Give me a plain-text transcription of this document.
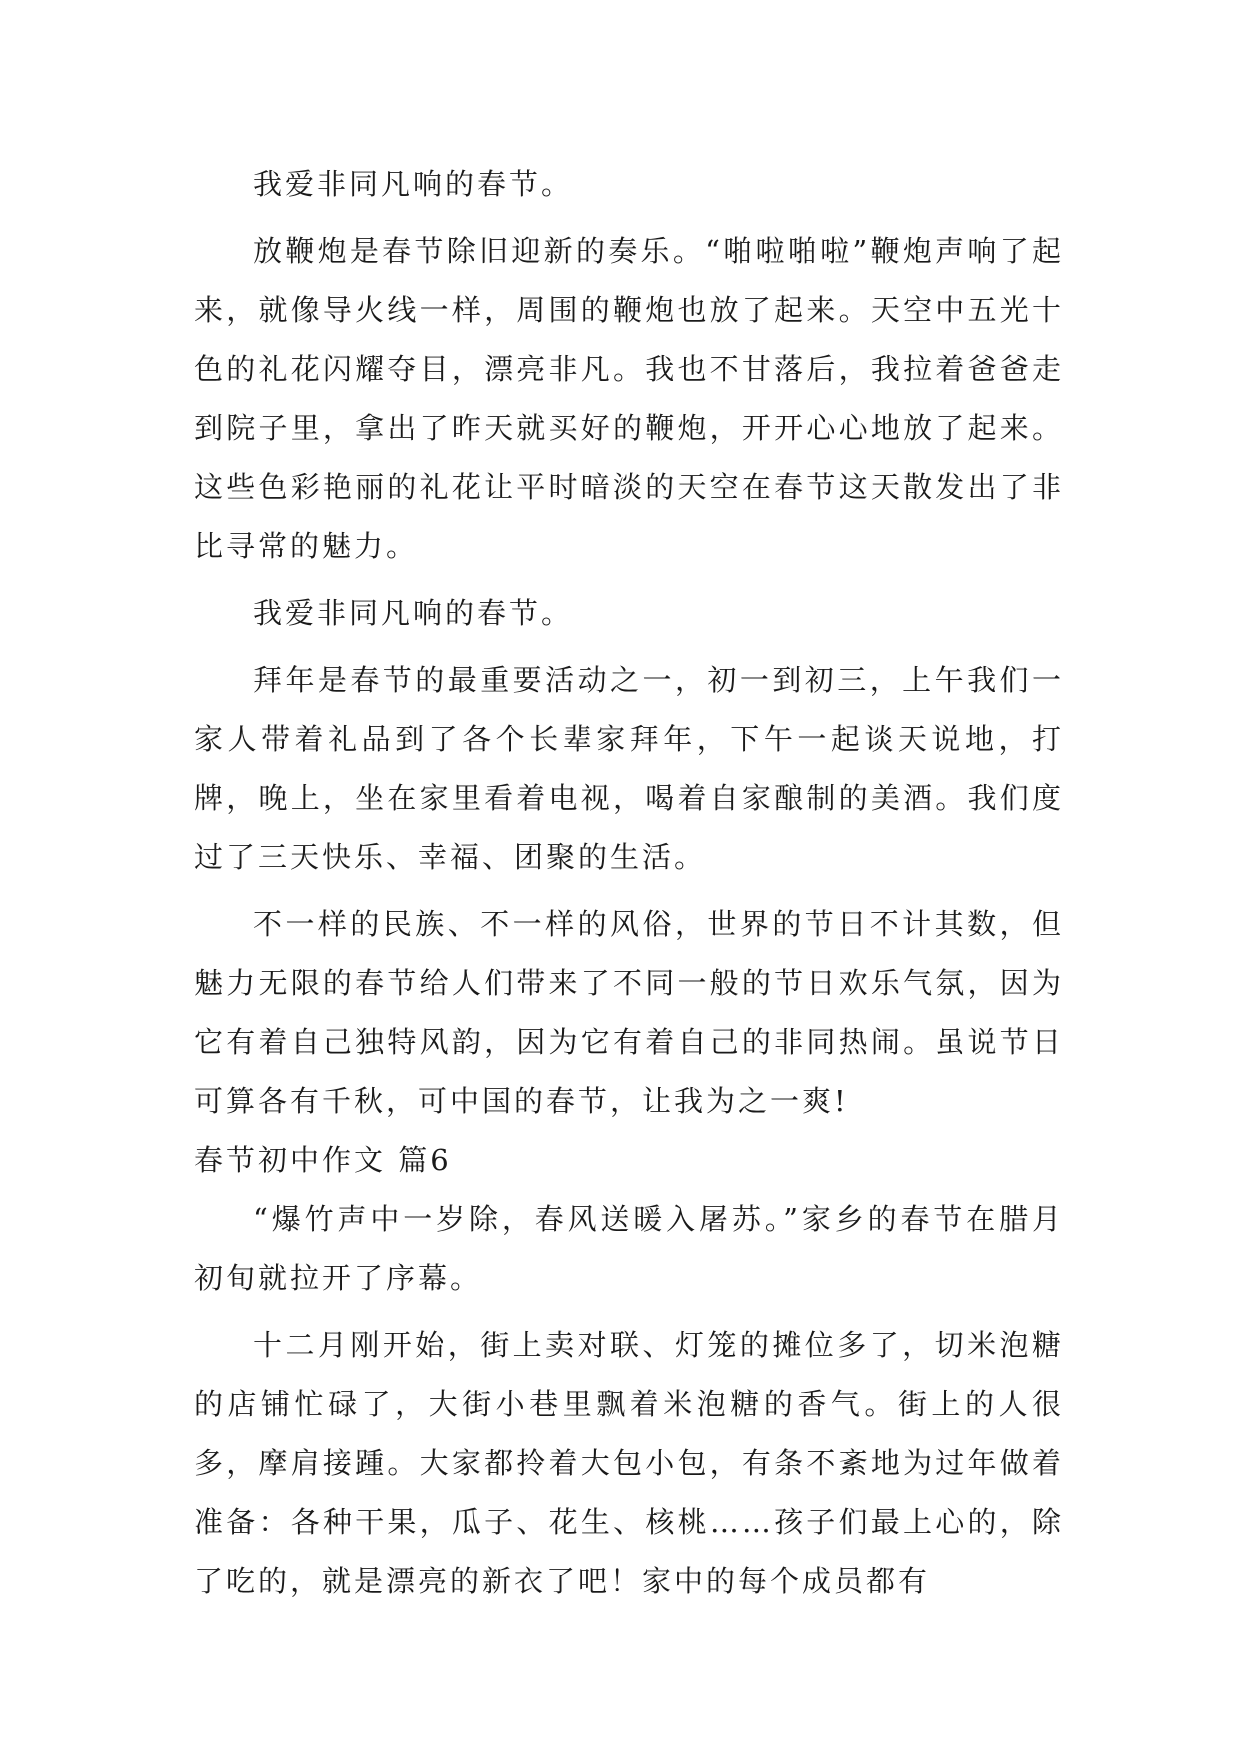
我爱非同凡响的春节。

放鞭炮是春节除旧迎新的奏乐。“啪啦啪啦”鞭炮声响了起来，就像导火线一样，周围的鞭炮也放了起来。天空中五光十色的礼花闪耀夺目，漂亮非凡。我也不甘落后，我拉着爸爸走到院子里，拿出了昨天就买好的鞭炮，开开心心地放了起来。这些色彩艳丽的礼花让平时暗淡的天空在春节这天散发出了非比寻常的魅力。

我爱非同凡响的春节。

拜年是春节的最重要活动之一，初一到初三，上午我们一家人带着礼品到了各个长辈家拜年，下午一起谈天说地，打牌，晚上，坐在家里看着电视，喝着自家酿制的美酒。我们度过了三天快乐、幸福、团聚的生活。

不一样的民族、不一样的风俗，世界的节日不计其数，但魅力无限的春节给人们带来了不同一般的节日欢乐气氛，因为它有着自己独特风韵，因为它有着自己的非同热闹。虽说节日可算各有千秋，可中国的春节，让我为之一爽!

春节初中作文 篇6

“爆竹声中一岁除，春风送暖入屠苏。”家乡的春节在腊月初旬就拉开了序幕。

十二月刚开始，街上卖对联、灯笼的摊位多了，切米泡糖的店铺忙碌了，大街小巷里飘着米泡糖的香气。街上的人很多，摩肩接踵。大家都拎着大包小包，有条不紊地为过年做着准备：各种干果，瓜子、花生、核桃……孩子们最上心的，除了吃的，就是漂亮的新衣了吧！家中的每个成员都有
